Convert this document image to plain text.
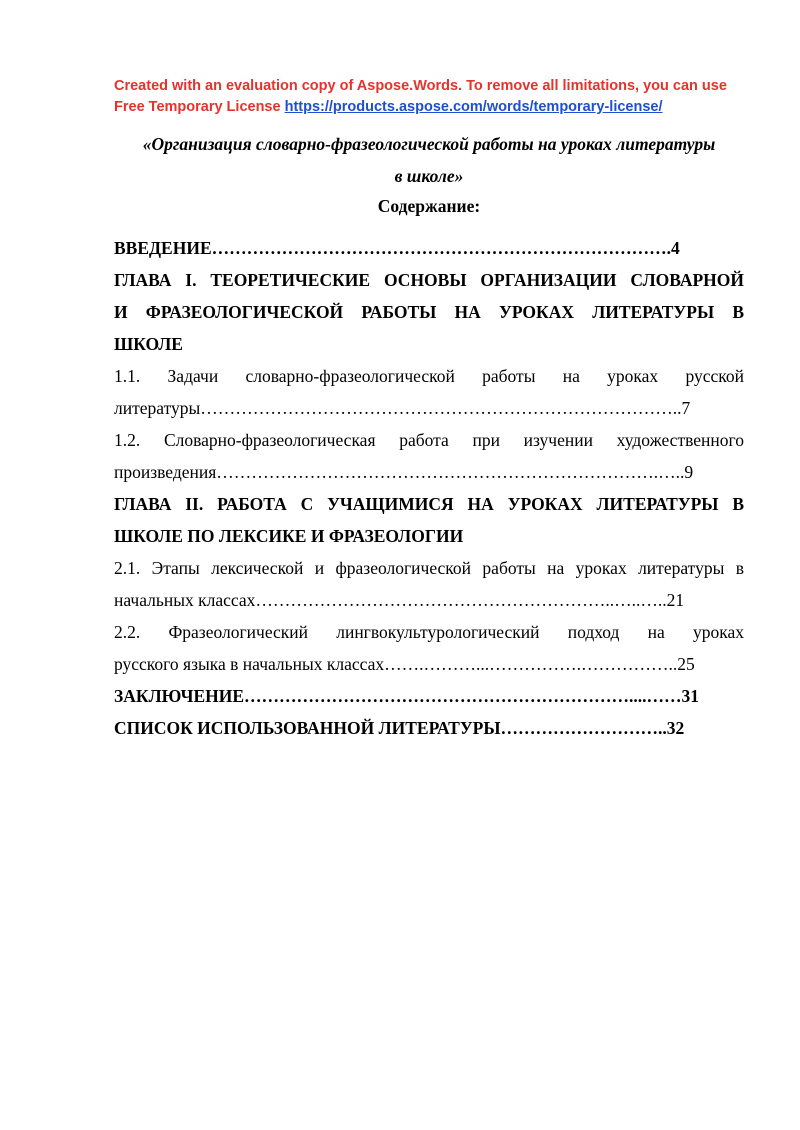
Created with an evaluation copy of Aspose.Words. To remove all limitations, you can use
Free Temporary License https://products.aspose.com/words/temporary-license/
«Организация словарно-фразеологической работы на уроках литературы
в школе»
Содержание:
ВВЕДЕНИЕ…………………………………………………………………….4
ГЛАВА I. ТЕОРЕТИЧЕСКИЕ ОСНОВЫ ОРГАНИЗАЦИИ СЛОВАРНОЙ
И ФРАЗЕОЛОГИЧЕСКОЙ РАБОТЫ НА УРОКАХ ЛИТЕРАТУРЫ В
ШКОЛЕ
1.1. Задачи словарно-фразеологической работы на уроках русской
литературы………………………………………………………………………..7
1.2. Словарно-фразеологическая работа при изучении художественного
произведения………………………………………………………………….…..9
ГЛАВА II. РАБОТА С УЧАЩИМИСЯ НА УРОКАХ ЛИТЕРАТУРЫ В
ШКОЛЕ ПО ЛЕКСИКЕ И ФРАЗЕОЛОГИИ
2.1. Этапы лексической и фразеологической работы на уроках литературы в
начальных классах……………………………………………………..…..…..21
2.2. Фразеологический лингвокультурологический подход на уроках
русского языка в начальных классах…….………...…………….……………..25
ЗАКЛЮЧЕНИЕ…………………………………………………………....……31
СПИСОК ИСПОЛЬЗОВАННОЙ ЛИТЕРАТУРЫ………………………..32
